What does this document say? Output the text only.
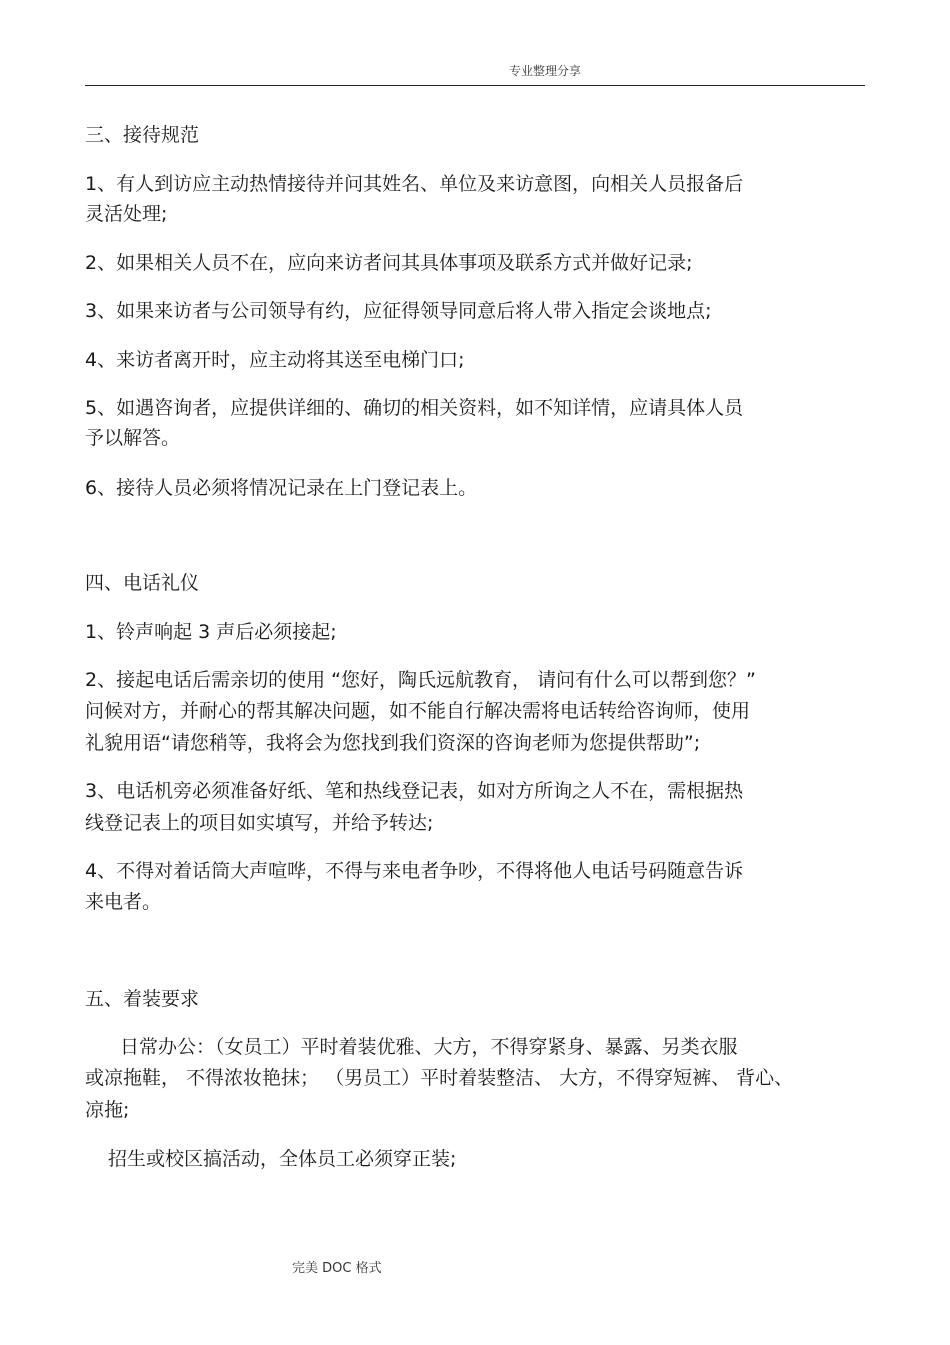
专业整理分享
三、接待规范
1、有人到访应主动热情接待并问其姓名、单位及来访意图，向相关人员报备后
灵活处理;
2、如果相关人员不在，应向来访者问其具体事项及联系方式并做好记录;
3、如果来访者与公司领导有约，应征得领导同意后将人带入指定会谈地点;
4、来访者离开时，应主动将其送至电梯门口;
5、如遇咨询者，应提供详细的、确切的相关资料，如不知详情，应请具体人员
予以解答。
6、接待人员必须将情况记录在上门登记表上。
四、电话礼仪
1、铃声响起 3 声后必须接起;
2、接起电话后需亲切的使用 “您好，陶氏远航教育， 请问有什么可以帮到您？”
问候对方，并耐心的帮其解决问题，如不能自行解决需将电话转给咨询师，使用
礼貌用语“请您稍等，我将会为您找到我们资深的咨询老师为您提供帮助”;
3、电话机旁必须准备好纸、笔和热线登记表，如对方所询之人不在，需根据热
线登记表上的项目如实填写，并给予转达;
4、不得对着话筒大声喧哗，不得与来电者争吵，不得将他人电话号码随意告诉
来电者。
五、着装要求
日常办公：（女员工）平时着装优雅、大方，不得穿紧身、暴露、另类衣服
或凉拖鞋， 不得浓妆艳抹； （男员工）平时着装整洁、 大方，不得穿短裤、 背心、
凉拖;
招生或校区搞活动，全体员工必须穿正装;
完美 DOC 格式
